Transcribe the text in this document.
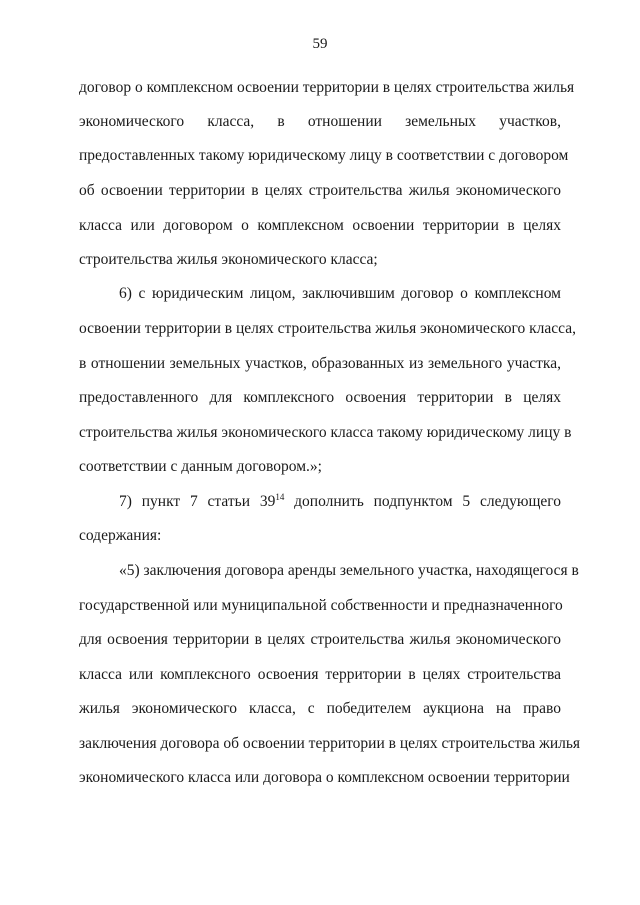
59
договор о комплексном освоении территории в целях строительства жилья
экономического класса, в отношении земельных участков,
предоставленных такому юридическому лицу в соответствии с договором
об освоении территории в целях строительства жилья экономического
класса или договором о комплексном освоении территории в целях
строительства жилья экономического класса;
6) с юридическим лицом, заключившим договор о комплексном
освоении территории в целях строительства жилья экономического класса,
в отношении земельных участков, образованных из земельного участка,
предоставленного для комплексного освоения территории в целях
строительства жилья экономического класса такому юридическому лицу в
соответствии с данным договором.»;
7) пункт 7 статьи $39^{14}$ дополнить подпунктом 5 следующего
содержания:
«5) заключения договора аренды земельного участка, находящегося в
государственной или муниципальной собственности и предназначенного
для освоения территории в целях строительства жилья экономического
класса или комплексного освоения территории в целях строительства
жилья экономического класса, с победителем аукциона на право
заключения договора об освоении территории в целях строительства жилья
экономического класса или договора о комплексном освоении территории
